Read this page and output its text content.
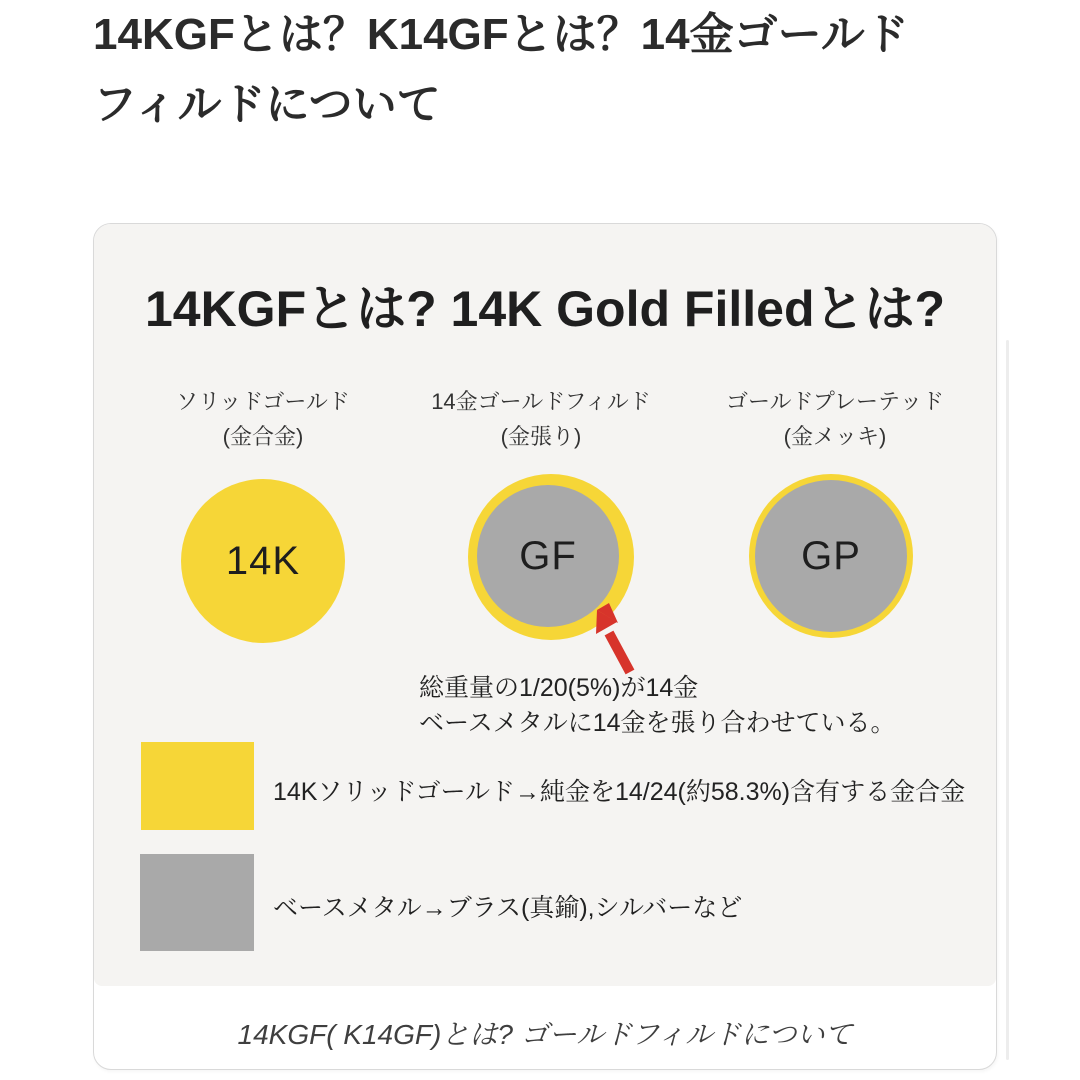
14KGFとは？K14GFとは？14金ゴールド
フィルドについて
14KGFとは? 14K Gold Filledとは?
ソリッドゴールド
(金合金)
14金ゴールドフィルド
(金張り)
ゴールドプレーテッド
(金メッキ)
14K	GF	GP
総重量の1/20(5%)が14金
ベースメタルに14金を張り合わせている。
14Kソリッドゴールド→純金を14/24(約58.3%)含有する金合金
ベースメタル→ブラス(真鍮),シルバーなど
14KGF( K14GF)とは? ゴールドフィルドについて
